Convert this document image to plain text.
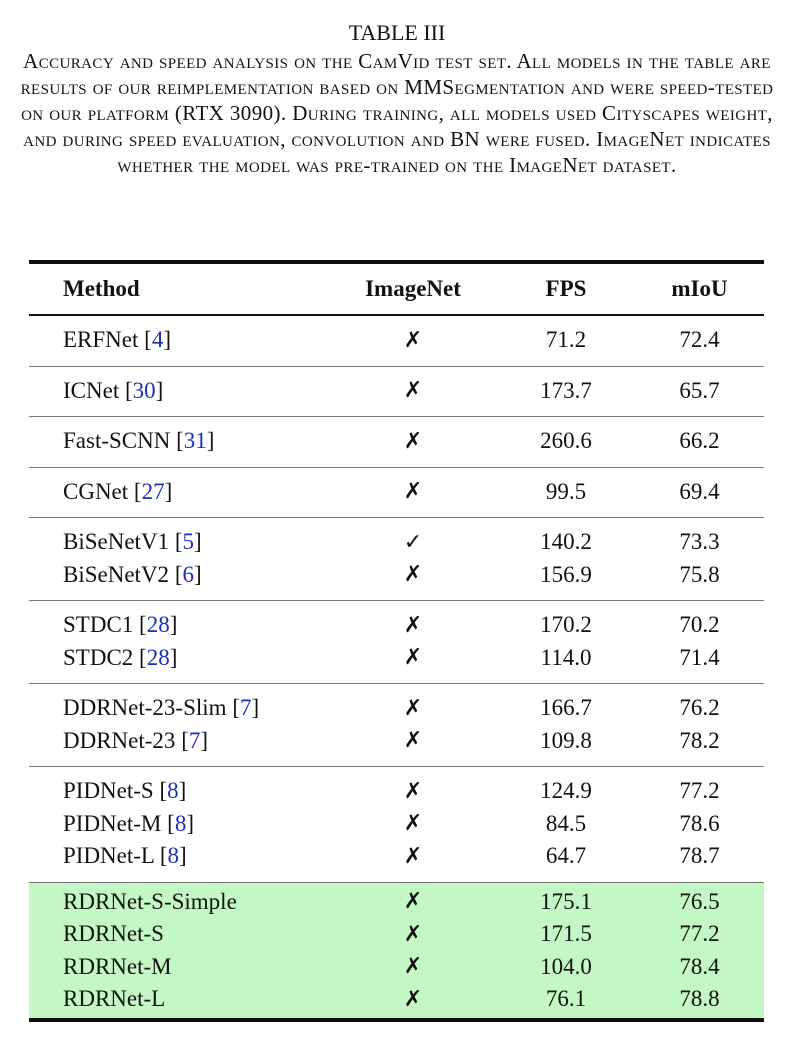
TABLE III
Accuracy and speed analysis on the CamVid test set. All models in the table are results of our reimplementation based on MMSegmentation and were speed-tested on our platform (RTX 3090). During training, all models used Cityscapes weight, and during speed evaluation, convolution and BN were fused. ImageNet indicates whether the model was pre-trained on the ImageNet dataset.
Method	ImageNet	FPS	mIoU
ERFNet [4]	✗	71.2	72.4
ICNet [30]	✗	173.7	65.7
Fast-SCNN [31]	✗	260.6	66.2
CGNet [27]	✗	99.5	69.4
BiSeNetV1 [5]	✓	140.2	73.3
BiSeNetV2 [6]	✗	156.9	75.8
STDC1 [28]	✗	170.2	70.2
STDC2 [28]	✗	114.0	71.4
DDRNet-23-Slim [7]	✗	166.7	76.2
DDRNet-23 [7]	✗	109.8	78.2
PIDNet-S [8]	✗	124.9	77.2
PIDNet-M [8]	✗	84.5	78.6
PIDNet-L [8]	✗	64.7	78.7
RDRNet-S-Simple	✗	175.1	76.5
RDRNet-S	✗	171.5	77.2
RDRNet-M	✗	104.0	78.4
RDRNet-L	✗	76.1	78.8
